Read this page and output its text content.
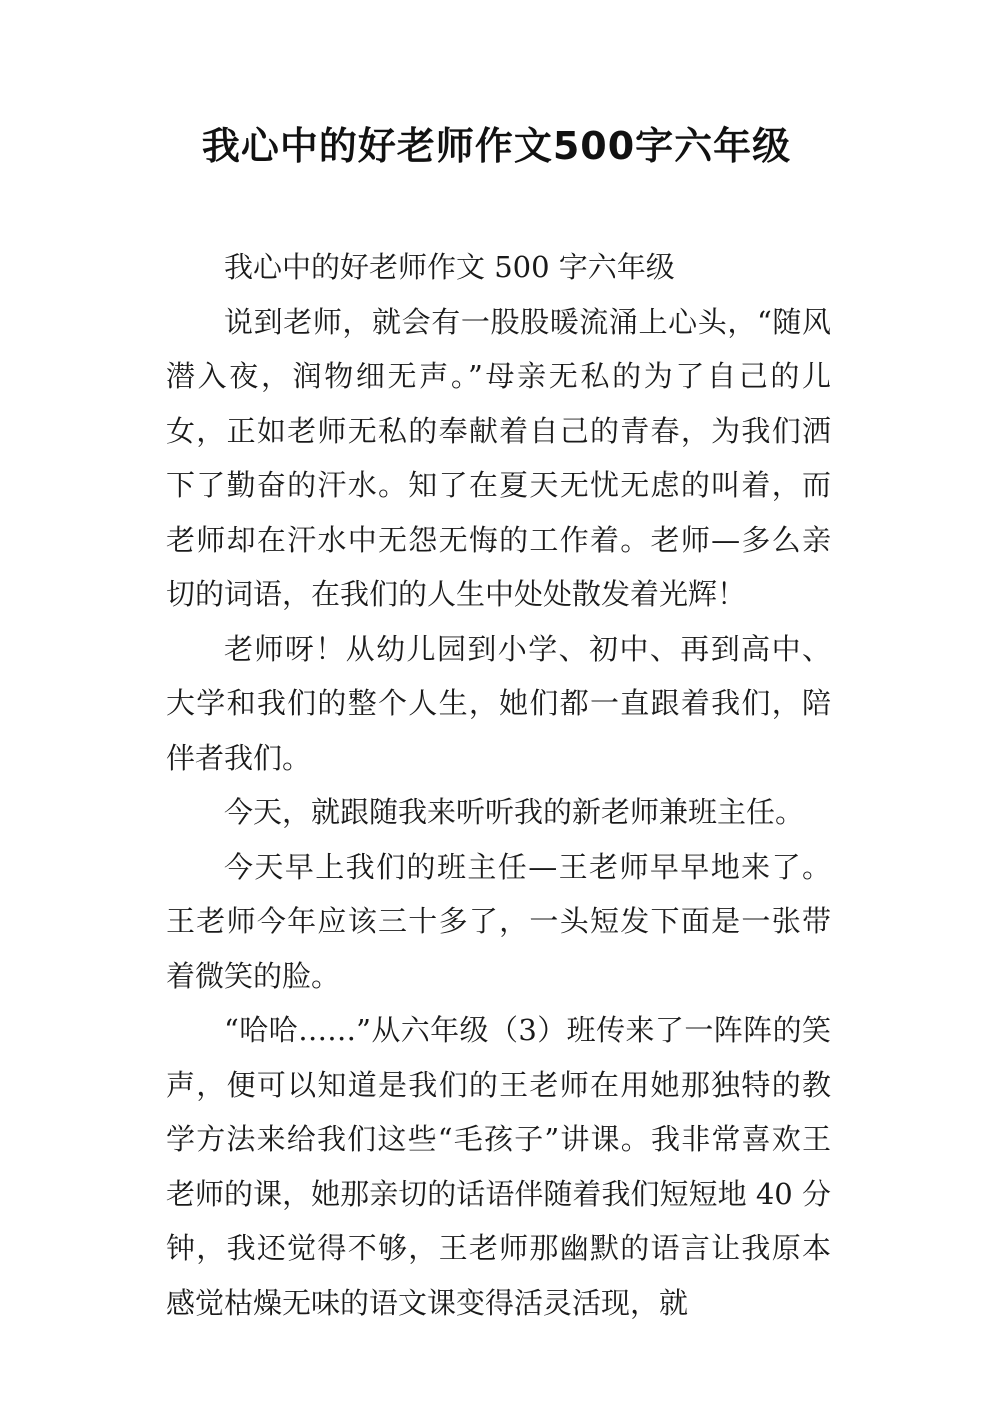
我心中的好老师作文500字六年级

我心中的好老师作文 500 字六年级

说到老师，就会有一股股暖流涌上心头，“随风潜入夜，润物细无声。”母亲无私的为了自己的儿女，正如老师无私的奉献着自己的青春，为我们洒下了勤奋的汗水。知了在夏天无忧无虑的叫着，而老师却在汗水中无怨无悔的工作着。老师—多么亲切的词语，在我们的人生中处处散发着光辉！

老师呀！从幼儿园到小学、初中、再到高中、大学和我们的整个人生，她们都一直跟着我们，陪伴者我们。

今天，就跟随我来听听我的新老师兼班主任。

今天早上我们的班主任—王老师早早地来了。王老师今年应该三十多了，一头短发下面是一张带着微笑的脸。

“哈哈……”从六年级（3）班传来了一阵阵的笑声，便可以知道是我们的王老师在用她那独特的教学方法来给我们这些“毛孩子”讲课。我非常喜欢王老师的课，她那亲切的话语伴随着我们短短地 40 分钟，我还觉得不够，王老师那幽默的语言让我原本感觉枯燥无味的语文课变得活灵活现，就
